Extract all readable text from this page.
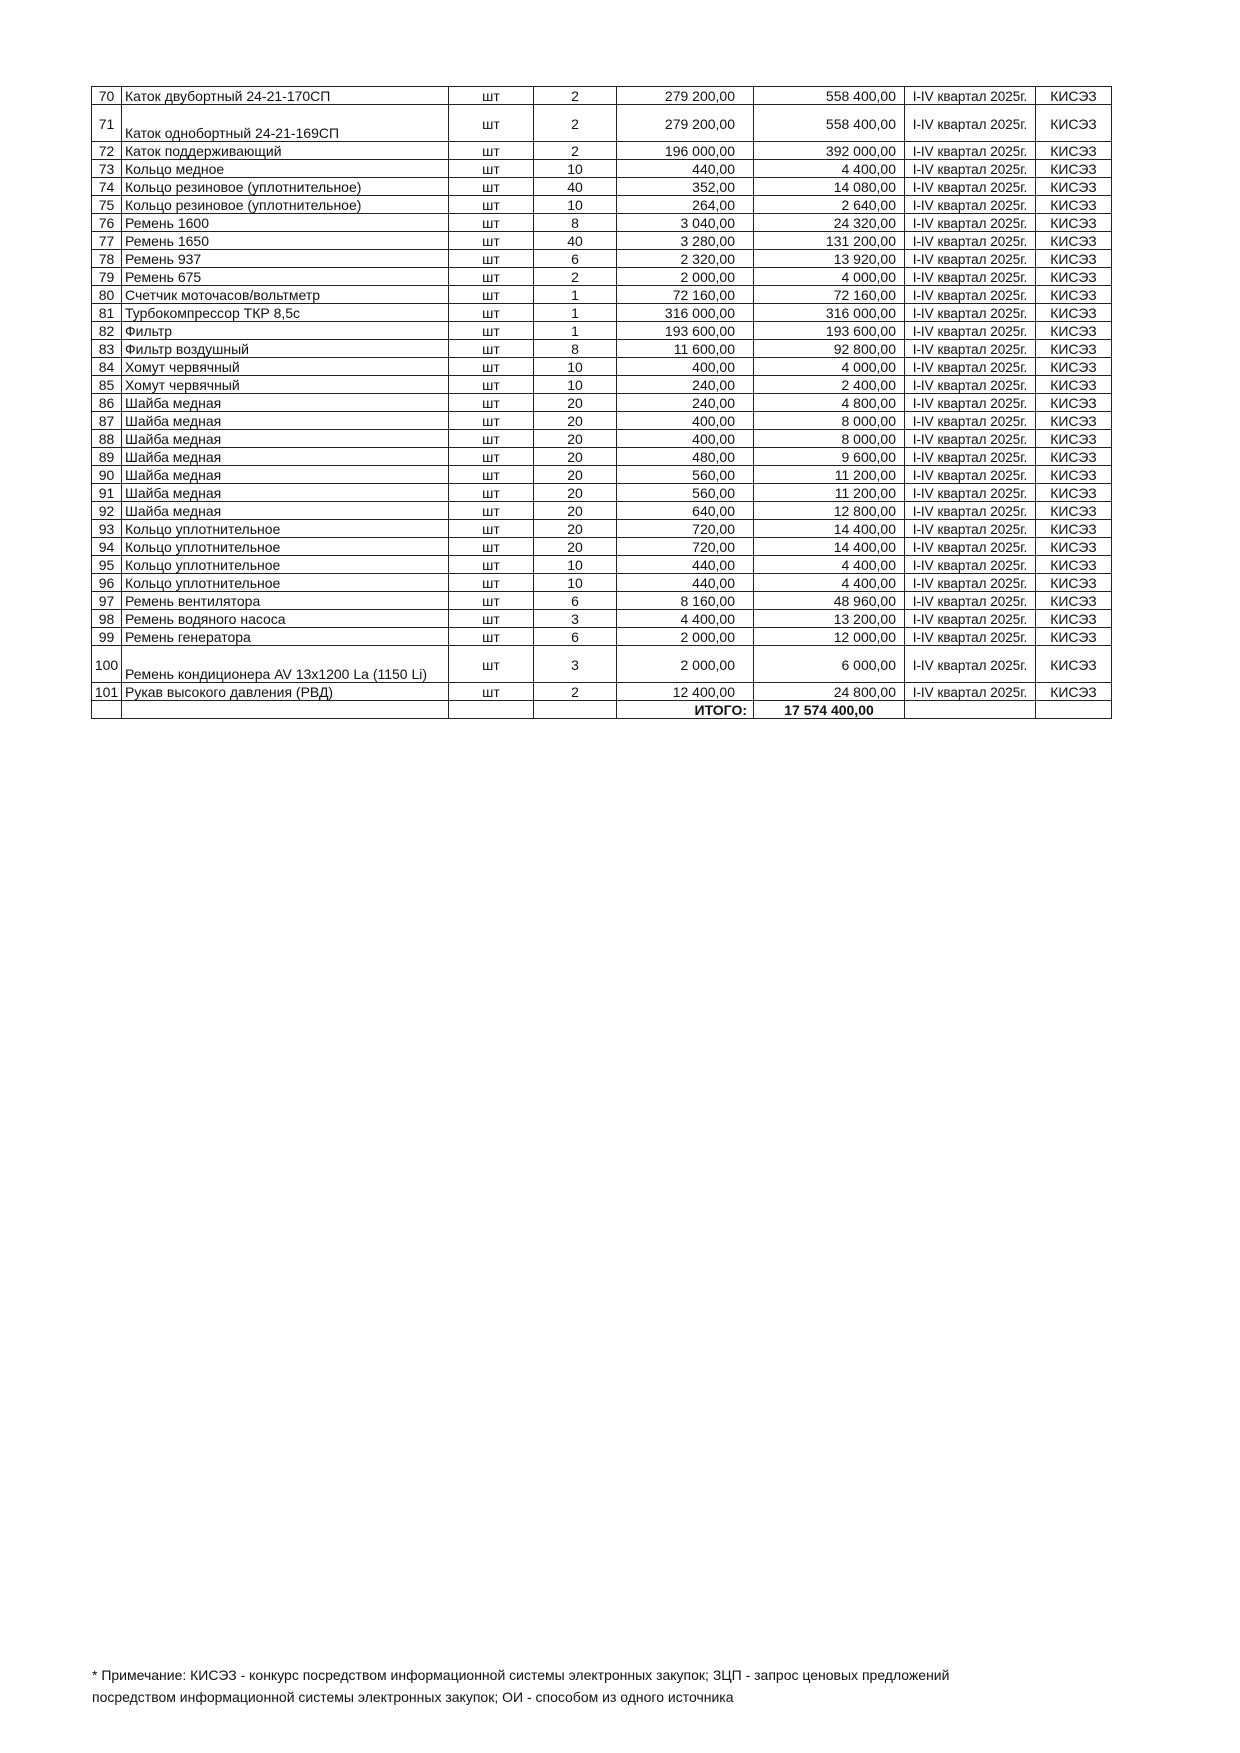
70	Каток двубортный 24-21-170СП	шт	2	279 200,00	558 400,00	I-IV квартал 2025г.	КИСЭЗ
71	Каток однобортный 24-21-169СП	шт	2	279 200,00	558 400,00	I-IV квартал 2025г.	КИСЭЗ
72	Каток поддерживающий	шт	2	196 000,00	392 000,00	I-IV квартал 2025г.	КИСЭЗ
73	Кольцо медное	шт	10	440,00	4 400,00	I-IV квартал 2025г.	КИСЭЗ
74	Кольцо резиновое (уплотнительное)	шт	40	352,00	14 080,00	I-IV квартал 2025г.	КИСЭЗ
75	Кольцо резиновое (уплотнительное)	шт	10	264,00	2 640,00	I-IV квартал 2025г.	КИСЭЗ
76	Ремень 1600	шт	8	3 040,00	24 320,00	I-IV квартал 2025г.	КИСЭЗ
77	Ремень 1650	шт	40	3 280,00	131 200,00	I-IV квартал 2025г.	КИСЭЗ
78	Ремень 937	шт	6	2 320,00	13 920,00	I-IV квартал 2025г.	КИСЭЗ
79	Ремень 675	шт	2	2 000,00	4 000,00	I-IV квартал 2025г.	КИСЭЗ
80	Счетчик моточасов/вольтметр	шт	1	72 160,00	72 160,00	I-IV квартал 2025г.	КИСЭЗ
81	Турбокомпрессор ТКР 8,5с	шт	1	316 000,00	316 000,00	I-IV квартал 2025г.	КИСЭЗ
82	Фильтр	шт	1	193 600,00	193 600,00	I-IV квартал 2025г.	КИСЭЗ
83	Фильтр воздушный	шт	8	11 600,00	92 800,00	I-IV квартал 2025г.	КИСЭЗ
84	Хомут червячный	шт	10	400,00	4 000,00	I-IV квартал 2025г.	КИСЭЗ
85	Хомут червячный	шт	10	240,00	2 400,00	I-IV квартал 2025г.	КИСЭЗ
86	Шайба медная	шт	20	240,00	4 800,00	I-IV квартал 2025г.	КИСЭЗ
87	Шайба медная	шт	20	400,00	8 000,00	I-IV квартал 2025г.	КИСЭЗ
88	Шайба медная	шт	20	400,00	8 000,00	I-IV квартал 2025г.	КИСЭЗ
89	Шайба медная	шт	20	480,00	9 600,00	I-IV квартал 2025г.	КИСЭЗ
90	Шайба медная	шт	20	560,00	11 200,00	I-IV квартал 2025г.	КИСЭЗ
91	Шайба медная	шт	20	560,00	11 200,00	I-IV квартал 2025г.	КИСЭЗ
92	Шайба медная	шт	20	640,00	12 800,00	I-IV квартал 2025г.	КИСЭЗ
93	Кольцо уплотнительное	шт	20	720,00	14 400,00	I-IV квартал 2025г.	КИСЭЗ
94	Кольцо уплотнительное	шт	20	720,00	14 400,00	I-IV квартал 2025г.	КИСЭЗ
95	Кольцо уплотнительное	шт	10	440,00	4 400,00	I-IV квартал 2025г.	КИСЭЗ
96	Кольцо уплотнительное	шт	10	440,00	4 400,00	I-IV квартал 2025г.	КИСЭЗ
97	Ремень вентилятора	шт	6	8 160,00	48 960,00	I-IV квартал 2025г.	КИСЭЗ
98	Ремень водяного насоса	шт	3	4 400,00	13 200,00	I-IV квартал 2025г.	КИСЭЗ
99	Ремень генератора	шт	6	2 000,00	12 000,00	I-IV квартал 2025г.	КИСЭЗ
100	Ремень кондиционера AV 13x1200 La (1150 Li)	шт	3	2 000,00	6 000,00	I-IV квартал 2025г.	КИСЭЗ
101	Рукав высокого давления (РВД)	шт	2	12 400,00	24 800,00	I-IV квартал 2025г.	КИСЭЗ
				ИТОГО:	17 574 400,00		
* Примечание: КИСЭЗ - конкурс посредством информационной системы электронных закупок; ЗЦП - запрос ценовых предложений
посредством информационной системы электронных закупок; ОИ - способом из одного источника
